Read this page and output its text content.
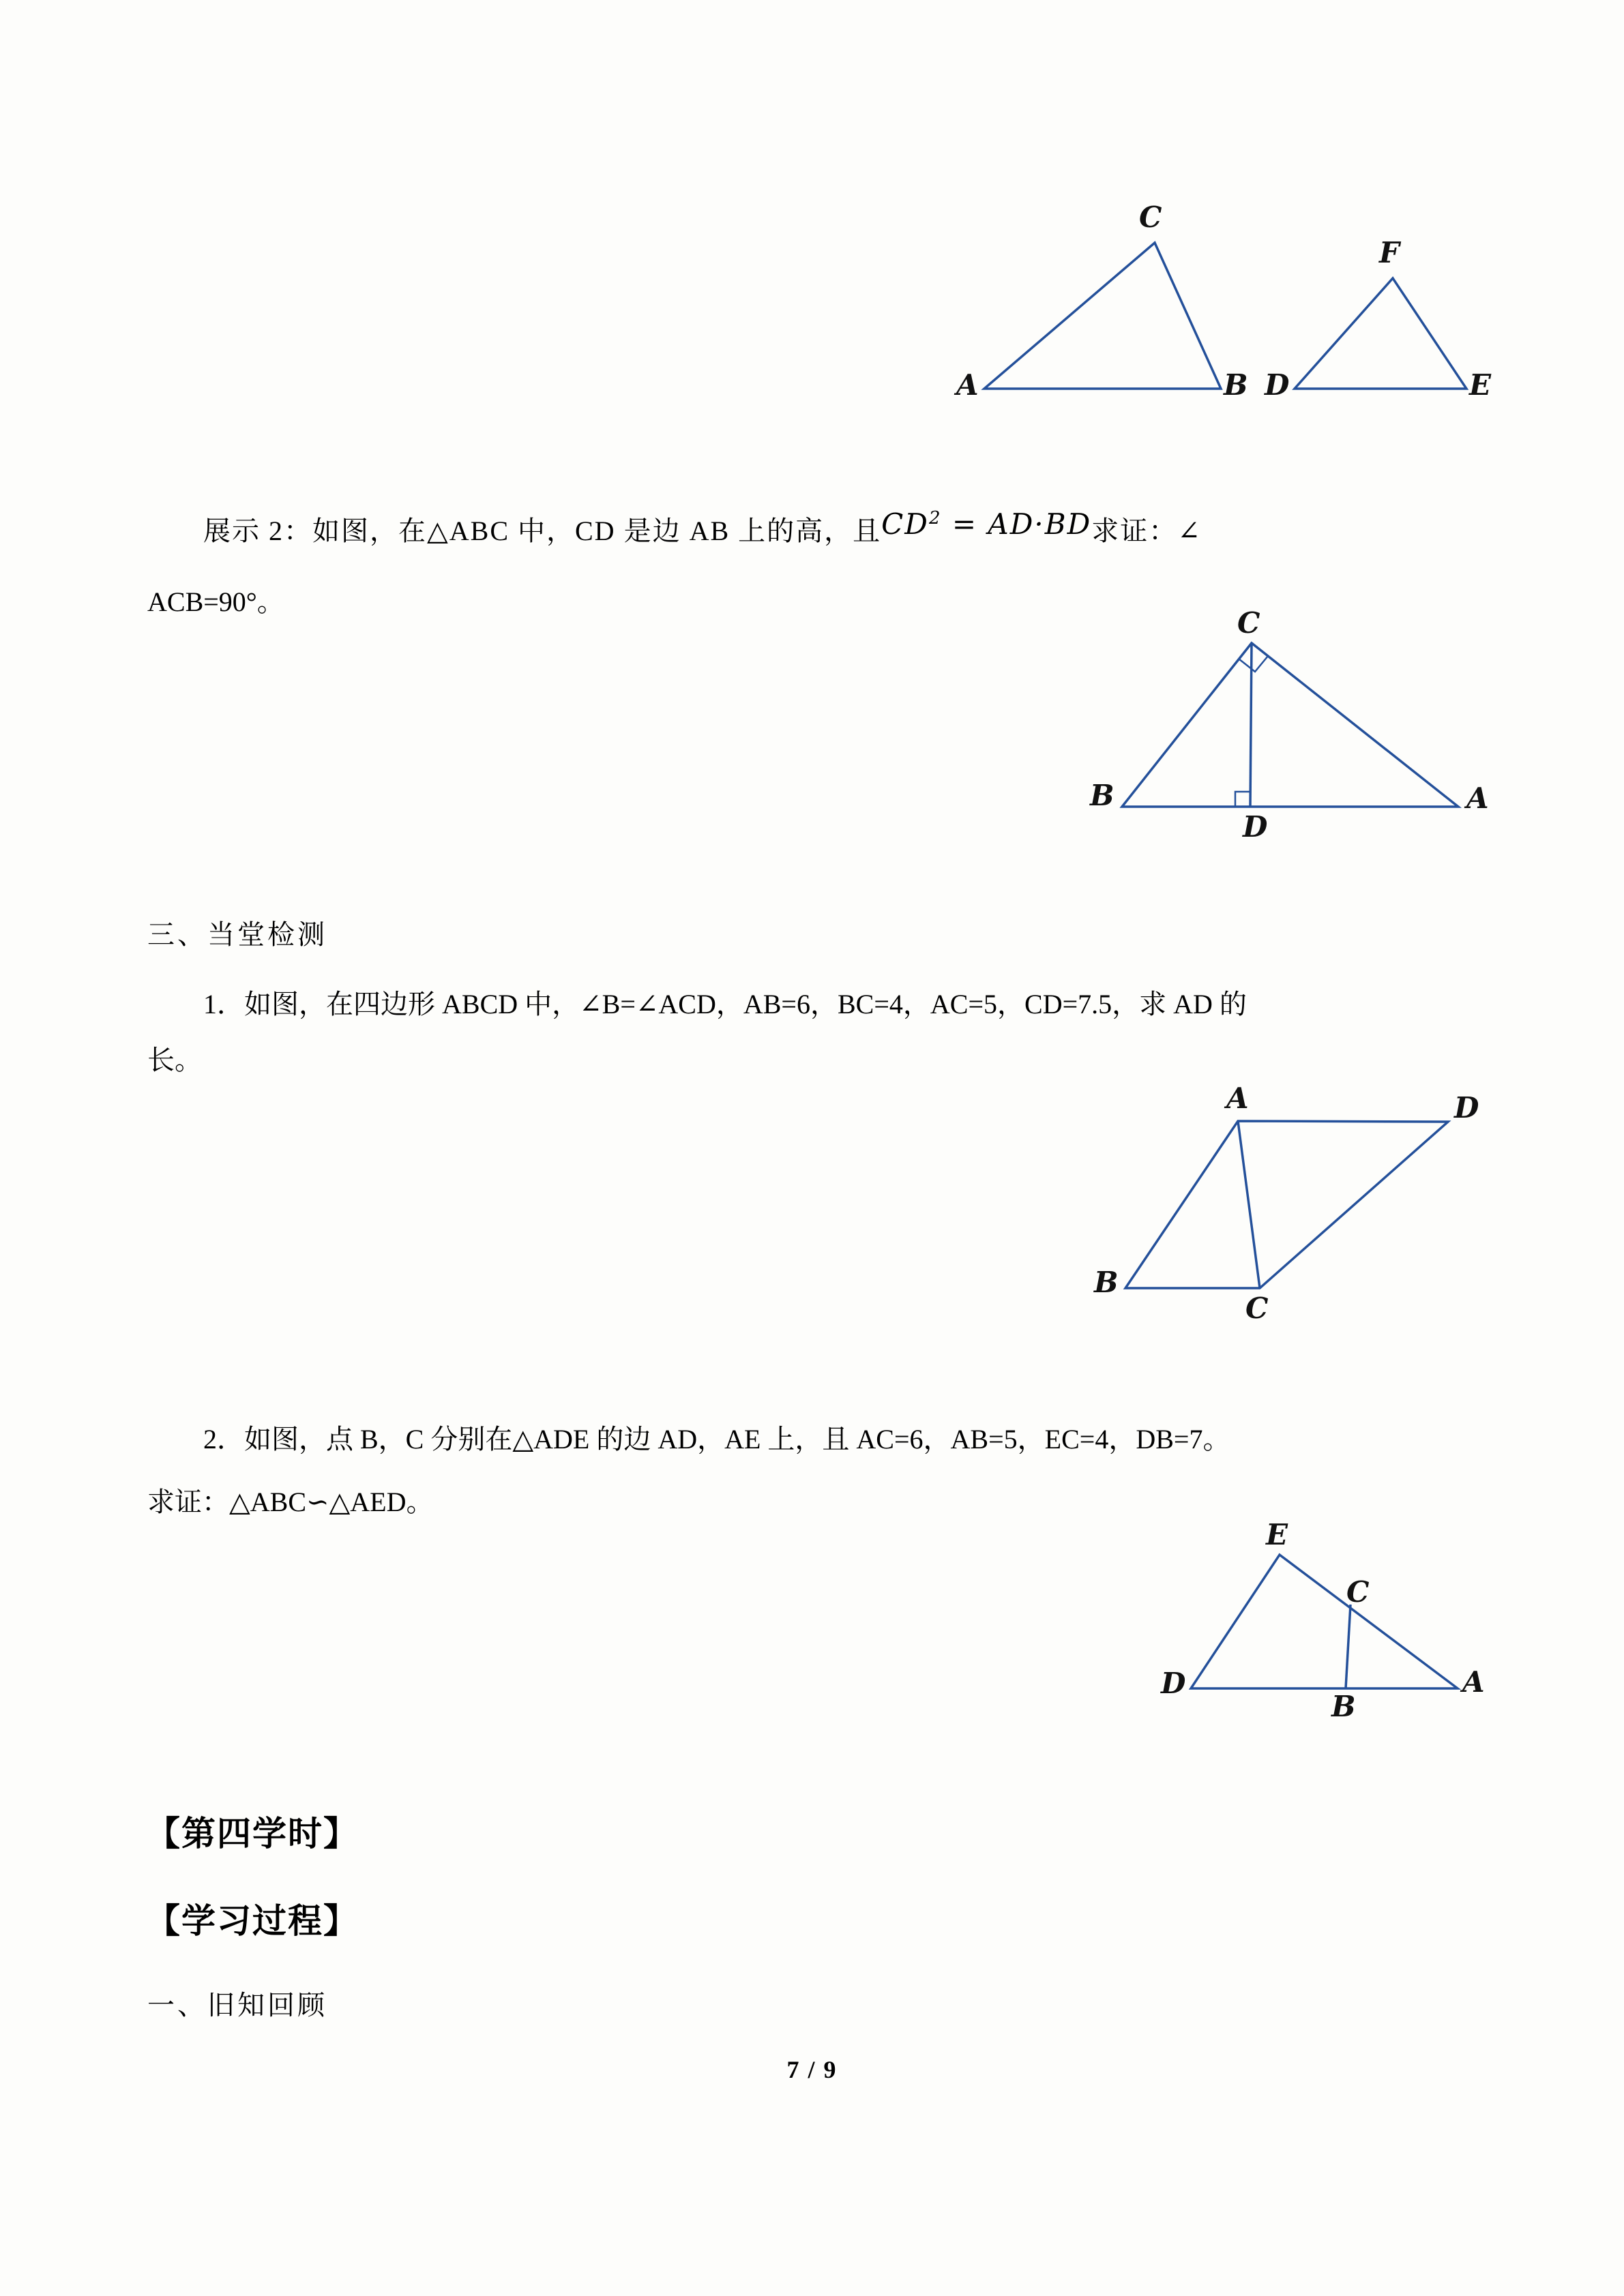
A	B
C
D	E
F
C
B	A
D
A	D
B
C
E
C
D
B
A
展示 2：如图，在△ABC 中，CD 是边 AB 上的高，且$CD^2 = AD\cdot BD$求证：∠
ACB=90°。
三、当堂检测
1．如图，在四边形 ABCD 中，∠B=∠ACD，AB=6，BC=4，AC=5，CD=7.5，求 AD 的
长。
2．如图，点 B，C 分别在△ADE 的边 AD，AE 上，且 AC=6，AB=5，EC=4，DB=7。
求证：△ABC∽△AED。
【第四学时】
【学习过程】
一、旧知回顾
7 / 9
